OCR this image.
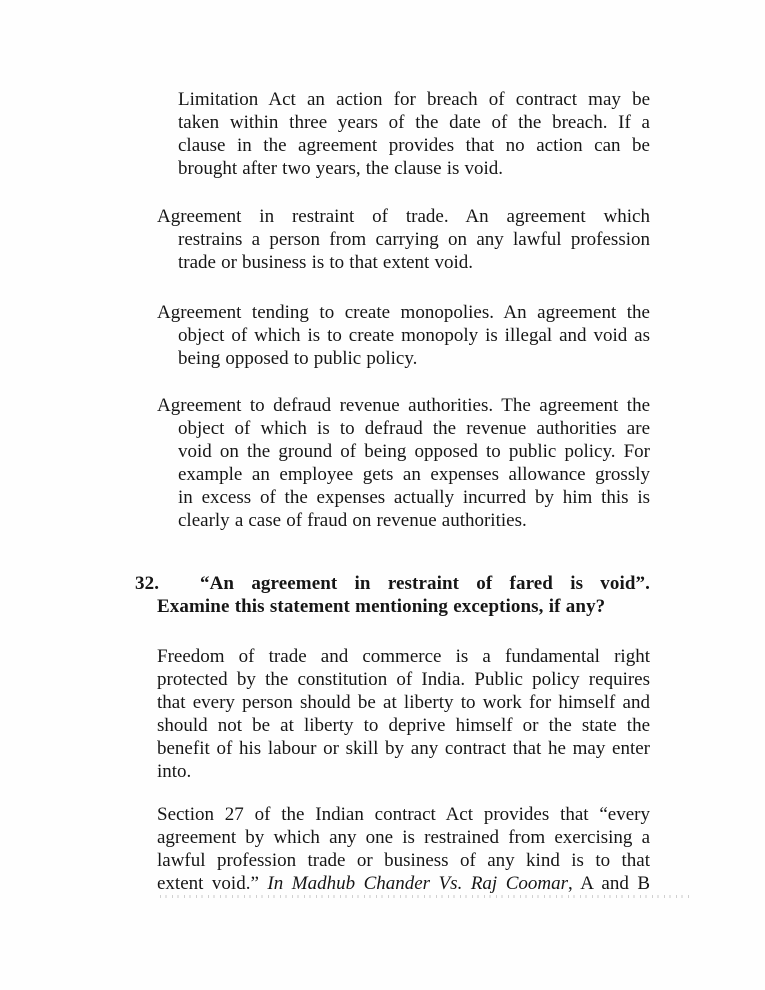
Limitation Act an action for breach of contract may be
taken within three years of the date of the breach. If a
clause in the agreement provides that no action can be
brought after two years, the clause is void.
Agreement in restraint of trade. An agreement which
restrains a person from carrying on any lawful profession
trade or business is to that extent void.
Agreement tending to create monopolies. An agreement the
object of which is to create monopoly is illegal and void as
being opposed to public policy.
Agreement to defraud revenue authorities. The agreement the
object of which is to defraud the revenue authorities are
void on the ground of being opposed to public policy. For
example an employee gets an expenses allowance grossly
in excess of the expenses actually incurred by him this is
clearly a case of fraud on revenue authorities.
32. “An agreement in restraint of fared is void”.
Examine this statement mentioning exceptions, if any?
Freedom of trade and commerce is a fundamental right
protected by the constitution of India. Public policy requires
that every person should be at liberty to work for himself and
should not be at liberty to deprive himself or the state the
benefit of his labour or skill by any contract that he may enter
into.
Section 27 of the Indian contract Act provides that “every
agreement by which any one is restrained from exercising a
lawful profession trade or business of any kind is to that
extent void.” In Madhub Chander Vs. Raj Coomar, A and B
